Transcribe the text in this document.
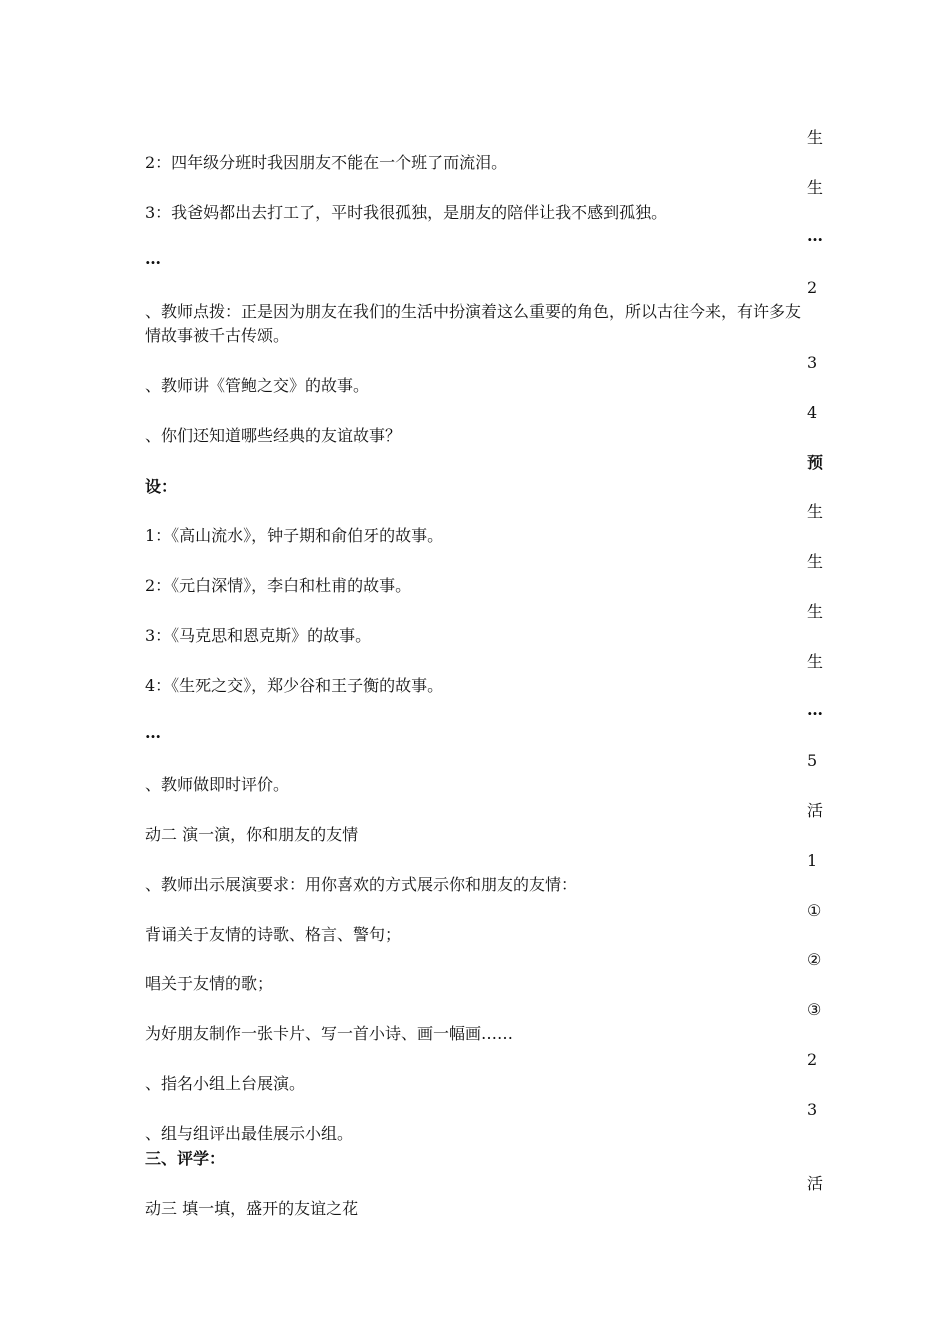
2：四年级分班时我因朋友不能在一个班了而流泪。
3：我爸妈都出去打工了，平时我很孤独，是朋友的陪伴让我不感到孤独。
…
、教师点拨：正是因为朋友在我们的生活中扮演着这么重要的角色，所以古往今来，有许多友情故事被千古传颂。
、教师讲《管鲍之交》的故事。
、你们还知道哪些经典的友谊故事？
设：
1：《高山流水》，钟子期和俞伯牙的故事。
2：《元白深情》，李白和杜甫的故事。
3：《马克思和恩克斯》的故事。
4：《生死之交》，郑少谷和王子衡的故事。
…
、教师做即时评价。
动二 演一演，你和朋友的友情
、教师出示展演要求：用你喜欢的方式展示你和朋友的友情：
背诵关于友情的诗歌、格言、警句；
唱关于友情的歌；
为好朋友制作一张卡片、写一首小诗、画一幅画……
、指名小组上台展演。
、组与组评出最佳展示小组。
三、评学：
动三 填一填，盛开的友谊之花
生
生
…
2
3
4
预
生
生
生
生
…
5
活
1
①
②
③
2
3
活
